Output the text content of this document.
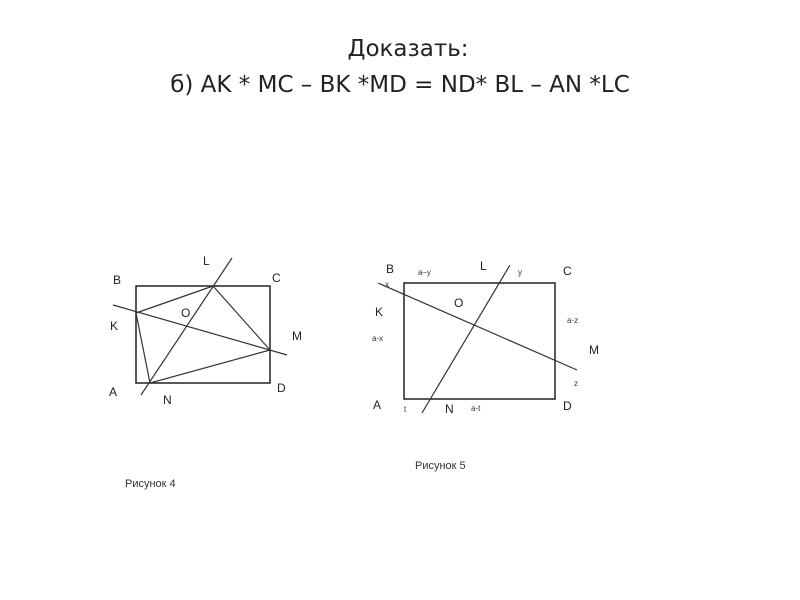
Доказать:
б) AK * MC – BK *MD = ND* BL – AN *LC
B
L
C
K
O
M
A
N
D
Рисунок 4
B	L	C
K
O
M
A	N	D
x
a–y	y
a-x
a-z
z
t	a-t
Рисунок 5
